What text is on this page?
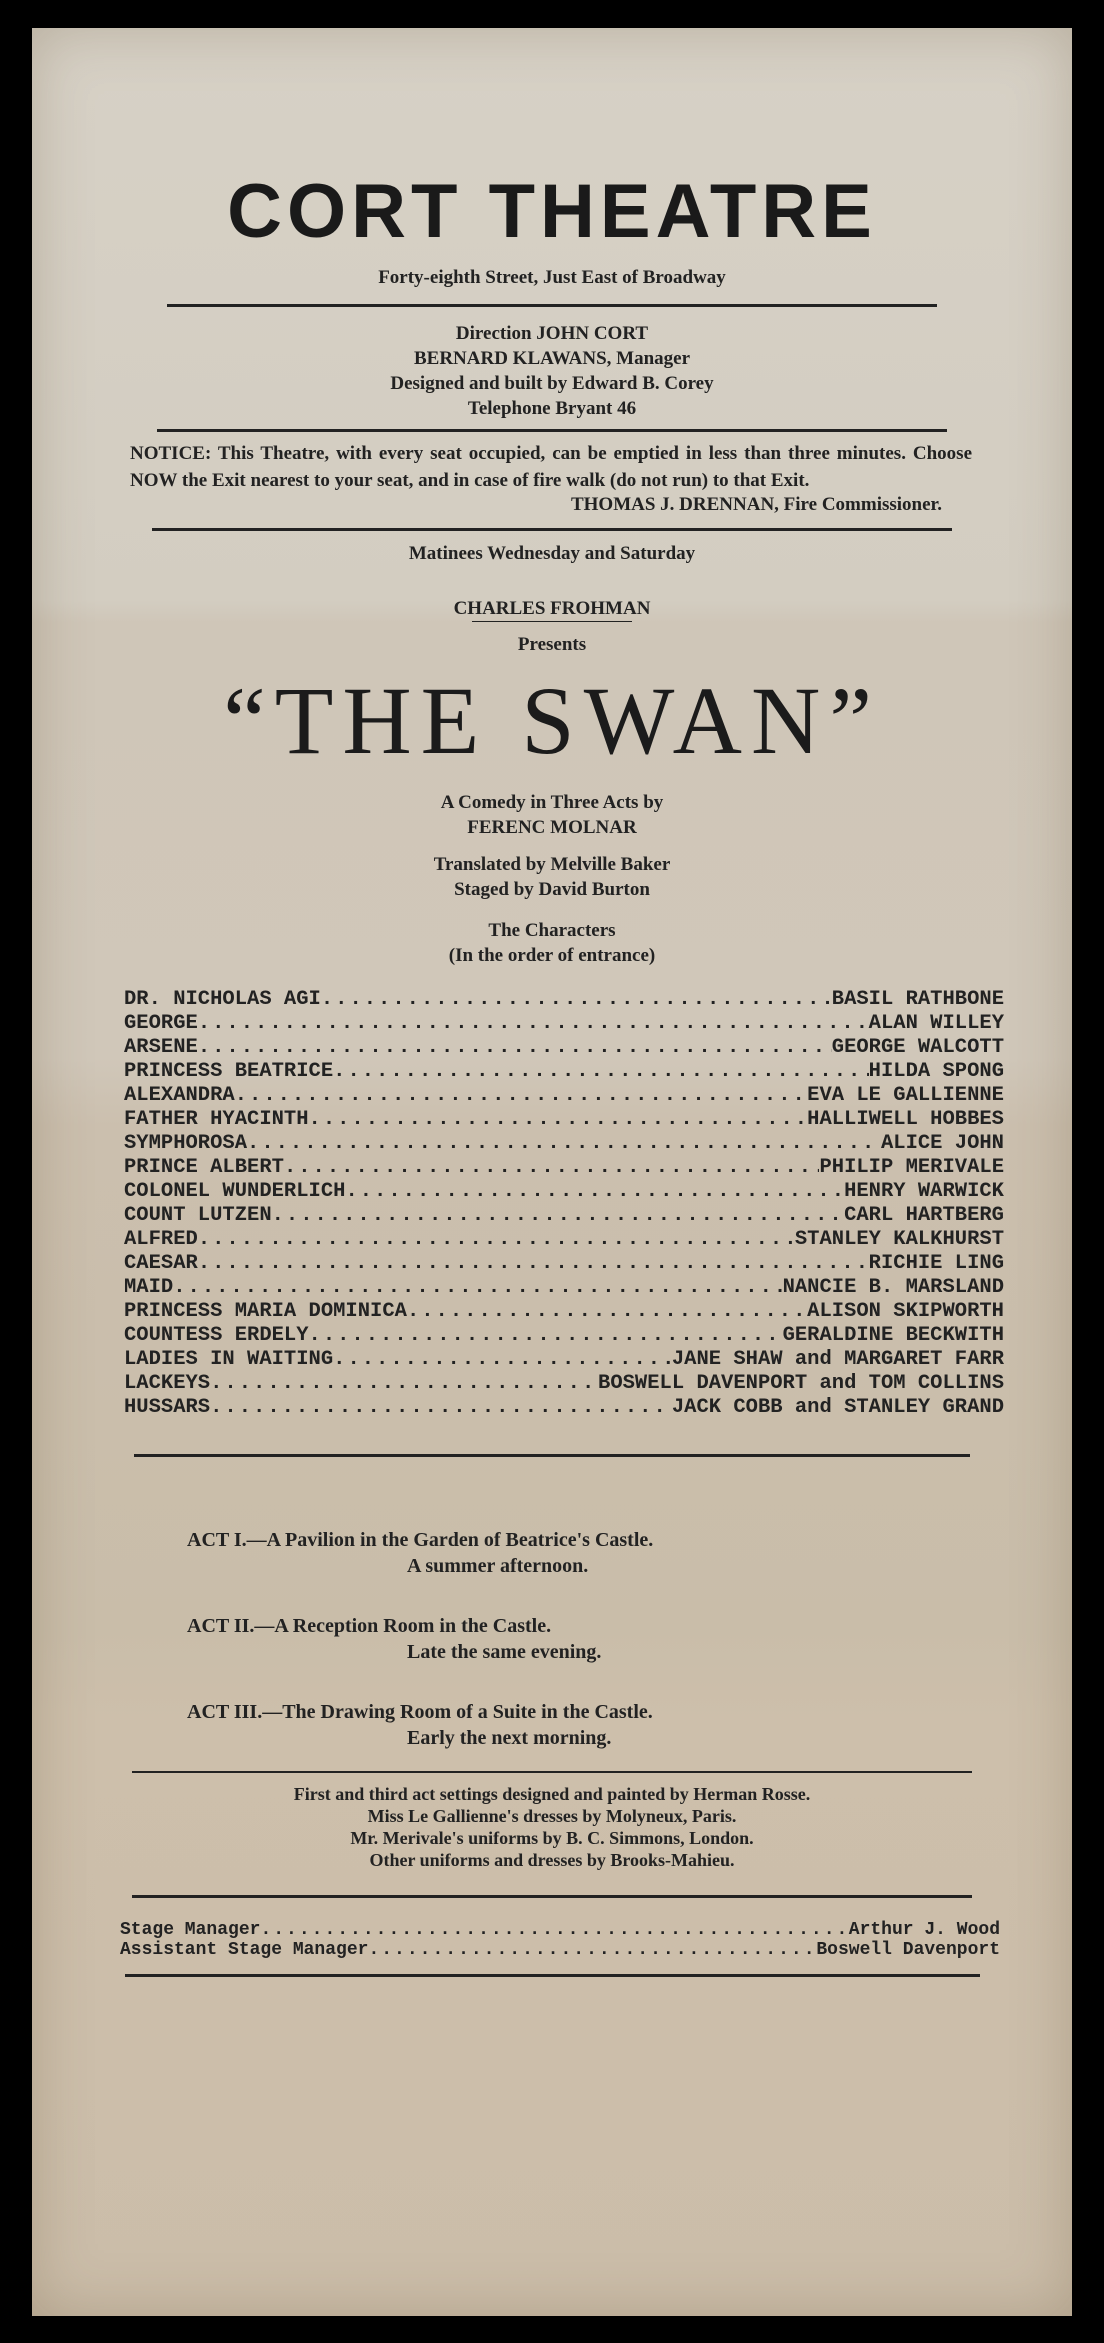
CORT THEATRE
Forty-eighth Street, Just East of Broadway
Direction JOHN CORT
BERNARD KLAWANS, Manager
Designed and built by Edward B. Corey
Telephone Bryant 46
NOTICE: This Theatre, with every seat occupied, can be emptied in less than three minutes. Choose NOW the Exit nearest to your seat, and in case of fire walk (do not run) to that Exit.
THOMAS J. DRENNAN, Fire Commissioner.
Matinees Wednesday and Saturday
CHARLES FROHMAN
Presents
“THE SWAN”
A Comedy in Three Acts by
FERENC MOLNAR
Translated by Melville Baker
Staged by David Burton
The Characters
(In the order of entrance)
DR. NICHOLAS AGI .....	BASIL RATHBONE
GEORGE .....	ALAN WILLEY
ARSENE .....	GEORGE WALCOTT
PRINCESS BEATRICE .....	HILDA SPONG
ALEXANDRA .....	EVA LE GALLIENNE
FATHER HYACINTH .....	HALLIWELL HOBBES
SYMPHOROSA .....	ALICE JOHN
PRINCE ALBERT .....	PHILIP MERIVALE
COLONEL WUNDERLICH .....	HENRY WARWICK
COUNT LUTZEN .....	CARL HARTBERG
ALFRED .....	STANLEY KALKHURST
CAESAR .....	RICHIE LING
MAID .....	NANCIE B. MARSLAND
PRINCESS MARIA DOMINICA .....	ALISON SKIPWORTH
COUNTESS ERDELY .....	GERALDINE BECKWITH
LADIES IN WAITING .....	JANE SHAW and MARGARET FARR
LACKEYS .....	BOSWELL DAVENPORT and TOM COLLINS
HUSSARS .....	JACK COBB and STANLEY GRAND
ACT I.—A Pavilion in the Garden of Beatrice's Castle.
A summer afternoon.
ACT II.—A Reception Room in the Castle.
Late the same evening.
ACT III.—The Drawing Room of a Suite in the Castle.
Early the next morning.
First and third act settings designed and painted by Herman Rosse.
Miss Le Gallienne's dresses by Molyneux, Paris.
Mr. Merivale's uniforms by B. C. Simmons, London.
Other uniforms and dresses by Brooks-Mahieu.
Stage Manager .....	Arthur J. Wood
Assistant Stage Manager .....	Boswell Davenport
